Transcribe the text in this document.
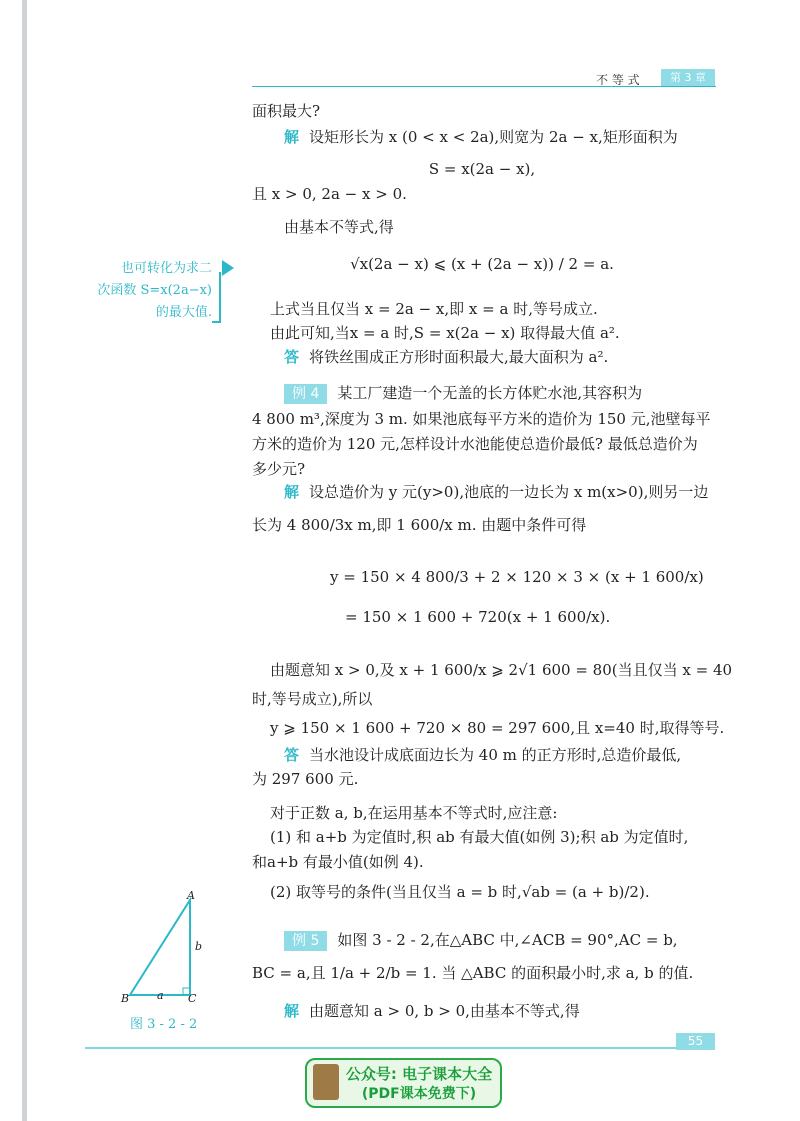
不 等 式	第 3 章
也可转化为求二
次函数 S=x(2a−x)
的最大值.
面积最大?
解 设矩形长为 x (0 < x < 2a),则宽为 2a − x,矩形面积为
S = x(2a − x),
且 x > 0, 2a − x > 0.
由基本不等式,得
√x(2a − x) ⩽ (x + (2a − x)) / 2 = a.
上式当且仅当 x = 2a − x,即 x = a 时,等号成立.
由此可知,当x = a 时,S = x(2a − x) 取得最大值 a².
答 将铁丝围成正方形时面积最大,最大面积为 a².
例 4 某工厂建造一个无盖的长方体贮水池,其容积为
4 800 m³,深度为 3 m. 如果池底每平方米的造价为 150 元,池壁每平
方米的造价为 120 元,怎样设计水池能使总造价最低? 最低总造价为
多少元?
解 设总造价为 y 元(y>0),池底的一边长为 x m(x>0),则另一边
长为 4 800/3x m,即 1 600/x m. 由题中条件可得
y = 150 × 4 800/3 + 2 × 120 × 3 × (x + 1 600/x)
= 150 × 1 600 + 720(x + 1 600/x).
由题意知 x > 0,及 x + 1 600/x ⩾ 2√1 600 = 80(当且仅当 x = 40
时,等号成立),所以
y ⩾ 150 × 1 600 + 720 × 80 = 297 600,且 x=40 时,取得等号.
答 当水池设计成底面边长为 40 m 的正方形时,总造价最低,
为 297 600 元.
对于正数 a, b,在运用基本不等式时,应注意:
(1) 和 a+b 为定值时,积 ab 有最大值(如例 3);积 ab 为定值时,
和a+b 有最小值(如例 4).
(2) 取等号的条件(当且仅当 a = b 时,√ab = (a + b)/2).
例 5 如图 3 - 2 - 2,在△ABC 中,∠ACB = 90°,AC = b,
BC = a,且 1/a + 2/b = 1. 当 △ABC 的面积最小时,求 a, b 的值.
解 由题意知 a > 0, b > 0,由基本不等式,得
A
B	C
a
b
图 3 - 2 - 2
55
公众号: 电子课本大全
(PDF课本免费下)
